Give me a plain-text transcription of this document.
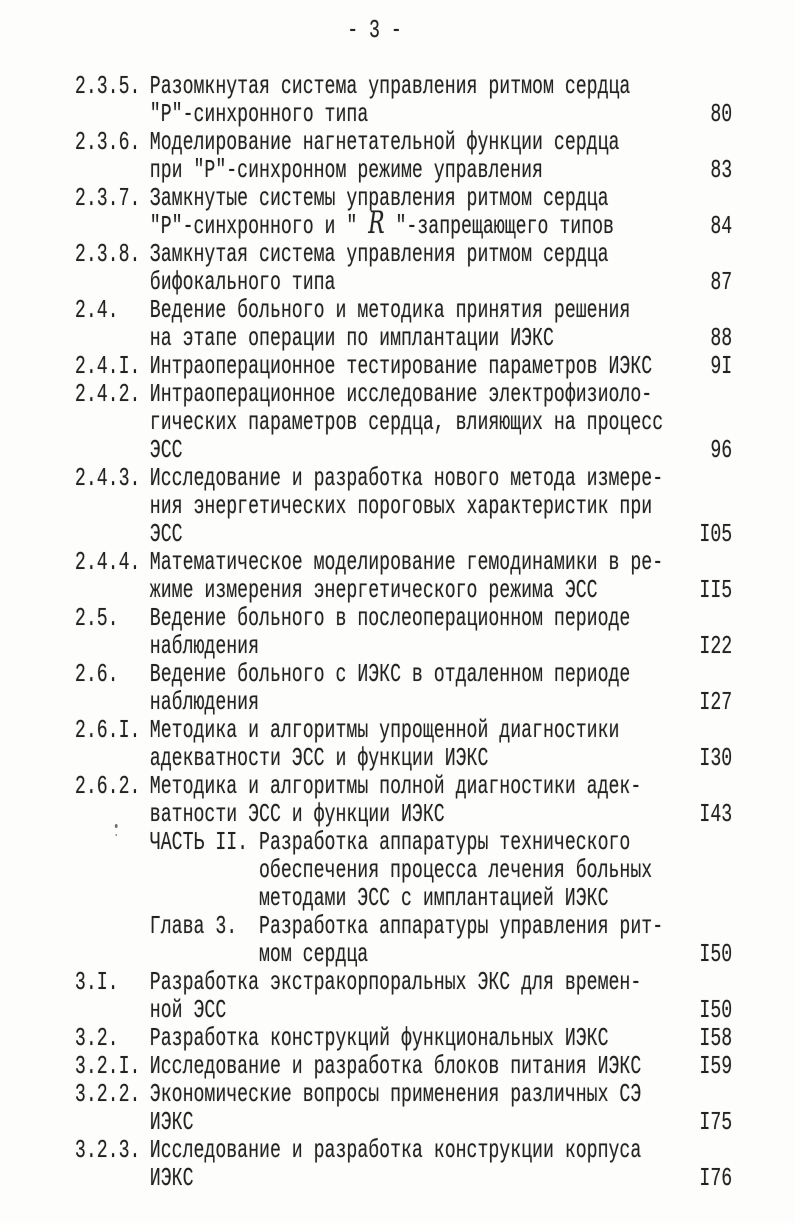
- 3 -
2.3.5. Разомкнутая система управления ритмом сердца
"Р"-синхронного типа	80
2.3.6. Моделирование нагнетательной функции сердца
при "Р"-синхронном режиме управления	83
2.3.7. Замкнутые системы управления ритмом сердца
"Р"-синхронного и " R "-запрещающего типов	84
2.3.8. Замкнутая система управления ритмом сердца
бифокального типа	87
2.4. Ведение больного и методика принятия решения
на этапе операции по имплантации ИЭКС	88
2.4.I. Интраоперационное тестирование параметров ИЭКС	9I
2.4.2. Интраоперационное исследование электрофизиоло-
гических параметров сердца, влияющих на процесс
ЭСС	96
2.4.3. Исследование и разработка нового метода измере-
ния энергетических пороговых характеристик при
ЭСС	I05
2.4.4. Математическое моделирование гемодинамики в ре-
жиме измерения энергетического режима ЭСС	II5
2.5. Ведение больного в послеоперационном периоде
наблюдения	I22
2.6. Ведение больного с ИЭКС в отдаленном периоде
наблюдения	I27
2.6.I. Методика и алгоритмы упрощенной диагностики
адекватности ЭСС и функции ИЭКС	I30
2.6.2. Методика и алгоритмы полной диагностики адек-
ватности ЭСС и функции ИЭКС	I43
ЧАСТЬ II. Разработка аппаратуры технического
обеспечения процесса лечения больных
методами ЭСС с имплантацией ИЭКС
Глава 3.  Разработка аппаратуры управления рит-
мом сердца	I50
3.I. Разработка экстракорпоральных ЭКС для времен-
ной ЭСС	I50
3.2. Разработка конструкций функциональных ИЭКС	I58
3.2.I. Исследование и разработка блоков питания ИЭКС	I59
3.2.2. Экономические вопросы применения различных СЭ
ИЭКС	I75
3.2.3. Исследование и разработка конструкции корпуса
ИЭКС	I76
